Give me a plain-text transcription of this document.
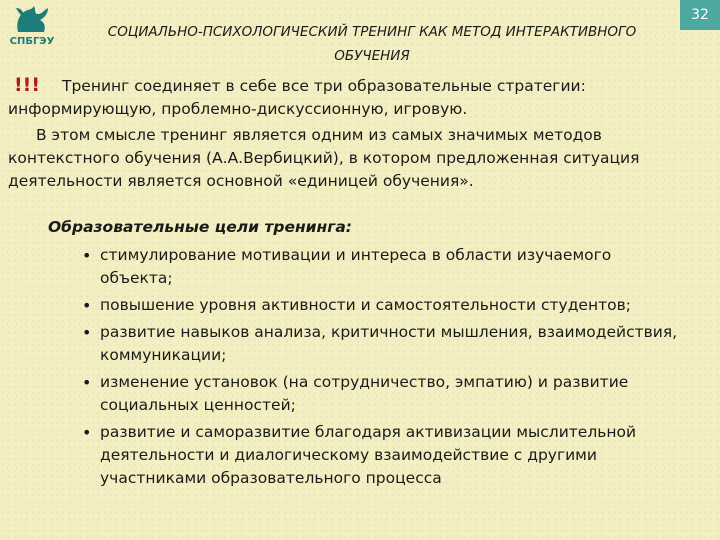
СПБГЭУ
32
СОЦИАЛЬНО-ПСИХОЛОГИЧЕСКИЙ ТРЕНИНГ КАК МЕТОД ИНТЕРАКТИВНОГО ОБУЧЕНИЯ
!!! Тренинг соединяет в себе все три образовательные стратегии: информирующую, проблемно-дискуссионную, игровую.
В этом смысле тренинг является одним из самых значимых методов контекстного обучения (А.А.Вербицкий), в котором предложенная ситуация деятельности является основной «единицей обучения».
Образовательные цели тренинга:
• стимулирование мотивации и интереса в области изучаемого объекта;
• повышение уровня активности и самостоятельности студентов;
• развитие навыков анализа, критичности мышления, взаимодействия, коммуникации;
• изменение установок (на сотрудничество, эмпатию) и развитие социальных ценностей;
• развитие и саморазвитие благодаря активизации мыслительной деятельности и диалогическому взаимодействие с другими участниками образовательного процесса
